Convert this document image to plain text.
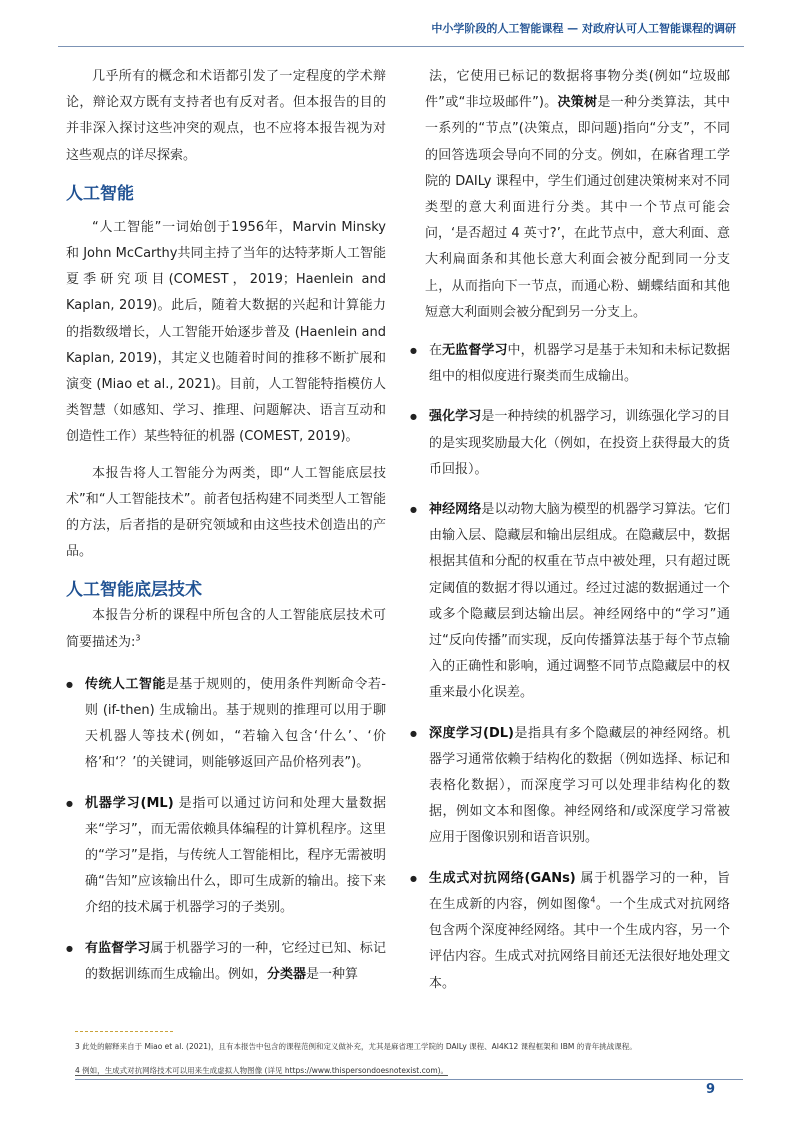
中小学阶段的人工智能课程 — 对政府认可人工智能课程的调研

几乎所有的概念和术语都引发了一定程度的学术辩论，辩论双方既有支持者也有反对者。但本报告的目的并非深入探讨这些冲突的观点，也不应将本报告视为对这些观点的详尽探索。

人工智能

“人工智能”一词始创于1956年，Marvin Minsky和 John McCarthy共同主持了当年的达特茅斯人工智能夏季研究项目(COMEST，2019；Haenlein and Kaplan, 2019)。此后，随着大数据的兴起和计算能力的指数级增长，人工智能开始逐步普及 (Haenlein and Kaplan, 2019)，其定义也随着时间的推移不断扩展和演变 (Miao et al., 2021)。目前，人工智能特指模仿人类智慧（如感知、学习、推理、问题解决、语言互动和创造性工作）某些特征的机器 (COMEST, 2019)。

本报告将人工智能分为两类，即“人工智能底层技术”和“人工智能技术”。前者包括构建不同类型人工智能的方法，后者指的是研究领域和由这些技术创造出的产品。

人工智能底层技术

本报告分析的课程中所包含的人工智能底层技术可简要描述为:$^3$

● 传统人工智能是基于规则的，使用条件判断命令若-则 (if-then) 生成输出。基于规则的推理可以用于聊天机器人等技术(例如，“若输入包含‘什么’、‘价格’和‘？’的关键词，则能够返回产品价格列表”)。
● 机器学习(ML) 是指可以通过访问和处理大量数据来“学习”，而无需依赖具体编程的计算机程序。这里的“学习”是指，与传统人工智能相比，程序无需被明确“告知”应该输出什么，即可生成新的输出。接下来介绍的技术属于机器学习的子类别。
● 有监督学习属于机器学习的一种，它经过已知、标记的数据训练而生成输出。例如，分类器是一种算

法，它使用已标记的数据将事物分类(例如“垃圾邮件”或“非垃圾邮件”)。决策树是一种分类算法，其中一系列的“节点”(决策点，即问题)指向“分支”，不同的回答选项会导向不同的分支。例如，在麻省理工学院的 DAILy 课程中，学生们通过创建决策树来对不同类型的意大利面进行分类。其中一个节点可能会问，‘是否超过 4 英寸?’，在此节点中，意大利面、意大利扁面条和其他长意大利面会被分配到同一分支上，从而指向下一节点，而通心粉、蝴蝶结面和其他短意大利面则会被分配到另一分支上。

● 在无监督学习中，机器学习是基于未知和未标记数据组中的相似度进行聚类而生成输出。
● 强化学习是一种持续的机器学习，训练强化学习的目的是实现奖励最大化（例如，在投资上获得最大的货币回报）。
● 神经网络是以动物大脑为模型的机器学习算法。它们由输入层、隐藏层和输出层组成。在隐藏层中，数据根据其值和分配的权重在节点中被处理，只有超过既定阈值的数据才得以通过。经过过滤的数据通过一个或多个隐藏层到达输出层。神经网络中的“学习”通过“反向传播”而实现，反向传播算法基于每个节点输入的正确性和影响，通过调整不同节点隐藏层中的权重来最小化误差。
● 深度学习(DL)是指具有多个隐藏层的神经网络。机器学习通常依赖于结构化的数据（例如选择、标记和表格化数据），而深度学习可以处理非结构化的数据，例如文本和图像。神经网络和/或深度学习常被应用于图像识别和语音识别。
● 生成式对抗网络(GANs) 属于机器学习的一种，旨在生成新的内容，例如图像$^4$。一个生成式对抗网络包含两个深度神经网络。其中一个生成内容，另一个评估内容。生成式对抗网络目前还无法很好地处理文本。
3 此处的解释来自于 Miao et al. (2021)，且有本报告中包含的课程范例和定义做补充，尤其是麻省理工学院的 DAILy 课程、AI4K12 课程框架和 IBM 的青年挑战课程。
4 例如，生成式对抗网络技术可以用来生成虚拟人物图像 (详见 https://www.thispersondoesnotexist.com)。
9
